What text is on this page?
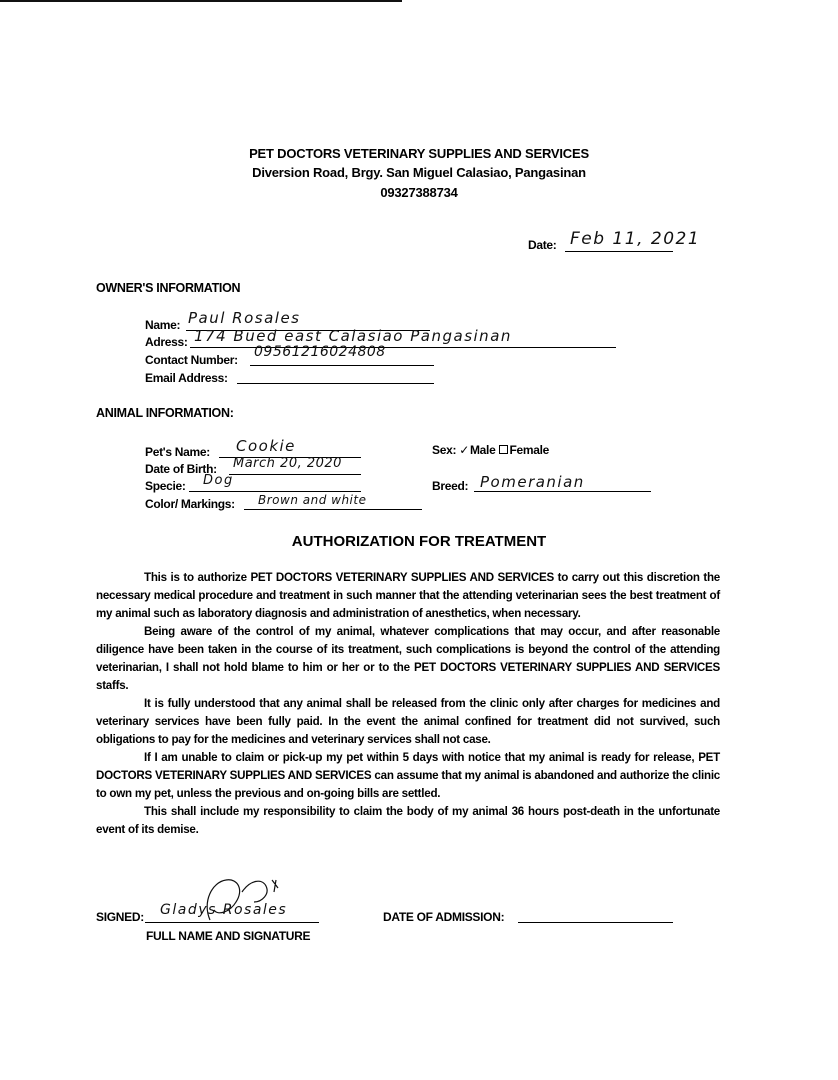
PET DOCTORS VETERINARY SUPPLIES AND SERVICES
Diversion Road, Brgy. San Miguel Calasiao, Pangasinan
09327388734
Date: Feb 11, 2021
OWNER'S INFORMATION
Name: Paul Rosales
Adress: 174 Bued east Calasiao Pangasinan
Contact Number: 09561216024808
Email Address:
ANIMAL INFORMATION:
Pet's Name: Cookie
Date of Birth: March 20, 2020
Specie: Dog
Color/ Markings: Brown and white
Sex: ✓Male Female
Breed: Pomeranian
AUTHORIZATION FOR TREATMENT

This is to authorize PET DOCTORS VETERINARY SUPPLIES AND SERVICES to carry out this discretion the necessary medical procedure and treatment in such manner that the attending veterinarian sees the best treatment of my animal such as laboratory diagnosis and administration of anesthetics, when necessary.

Being aware of the control of my animal, whatever complications that may occur, and after reasonable diligence have been taken in the course of its treatment, such complications is beyond the control of the attending veterinarian, I shall not hold blame to him or her or to the PET DOCTORS VETERINARY SUPPLIES AND SERVICES staffs.

It is fully understood that any animal shall be released from the clinic only after charges for medicines and veterinary services have been fully paid. In the event the animal confined for treatment did not survived, such obligations to pay for the medicines and veterinary services shall not case.

If I am unable to claim or pick-up my pet within 5 days with notice that my animal is ready for release, PET DOCTORS VETERINARY SUPPLIES AND SERVICES can assume that my animal is abandoned and authorize the clinic to own my pet, unless the previous and on-going bills are settled.

This shall include my responsibility to claim the body of my animal 36 hours post-death in the unfortunate event of its demise.

SIGNED: Gladys Rosales
FULL NAME AND SIGNATURE
DATE OF ADMISSION:
